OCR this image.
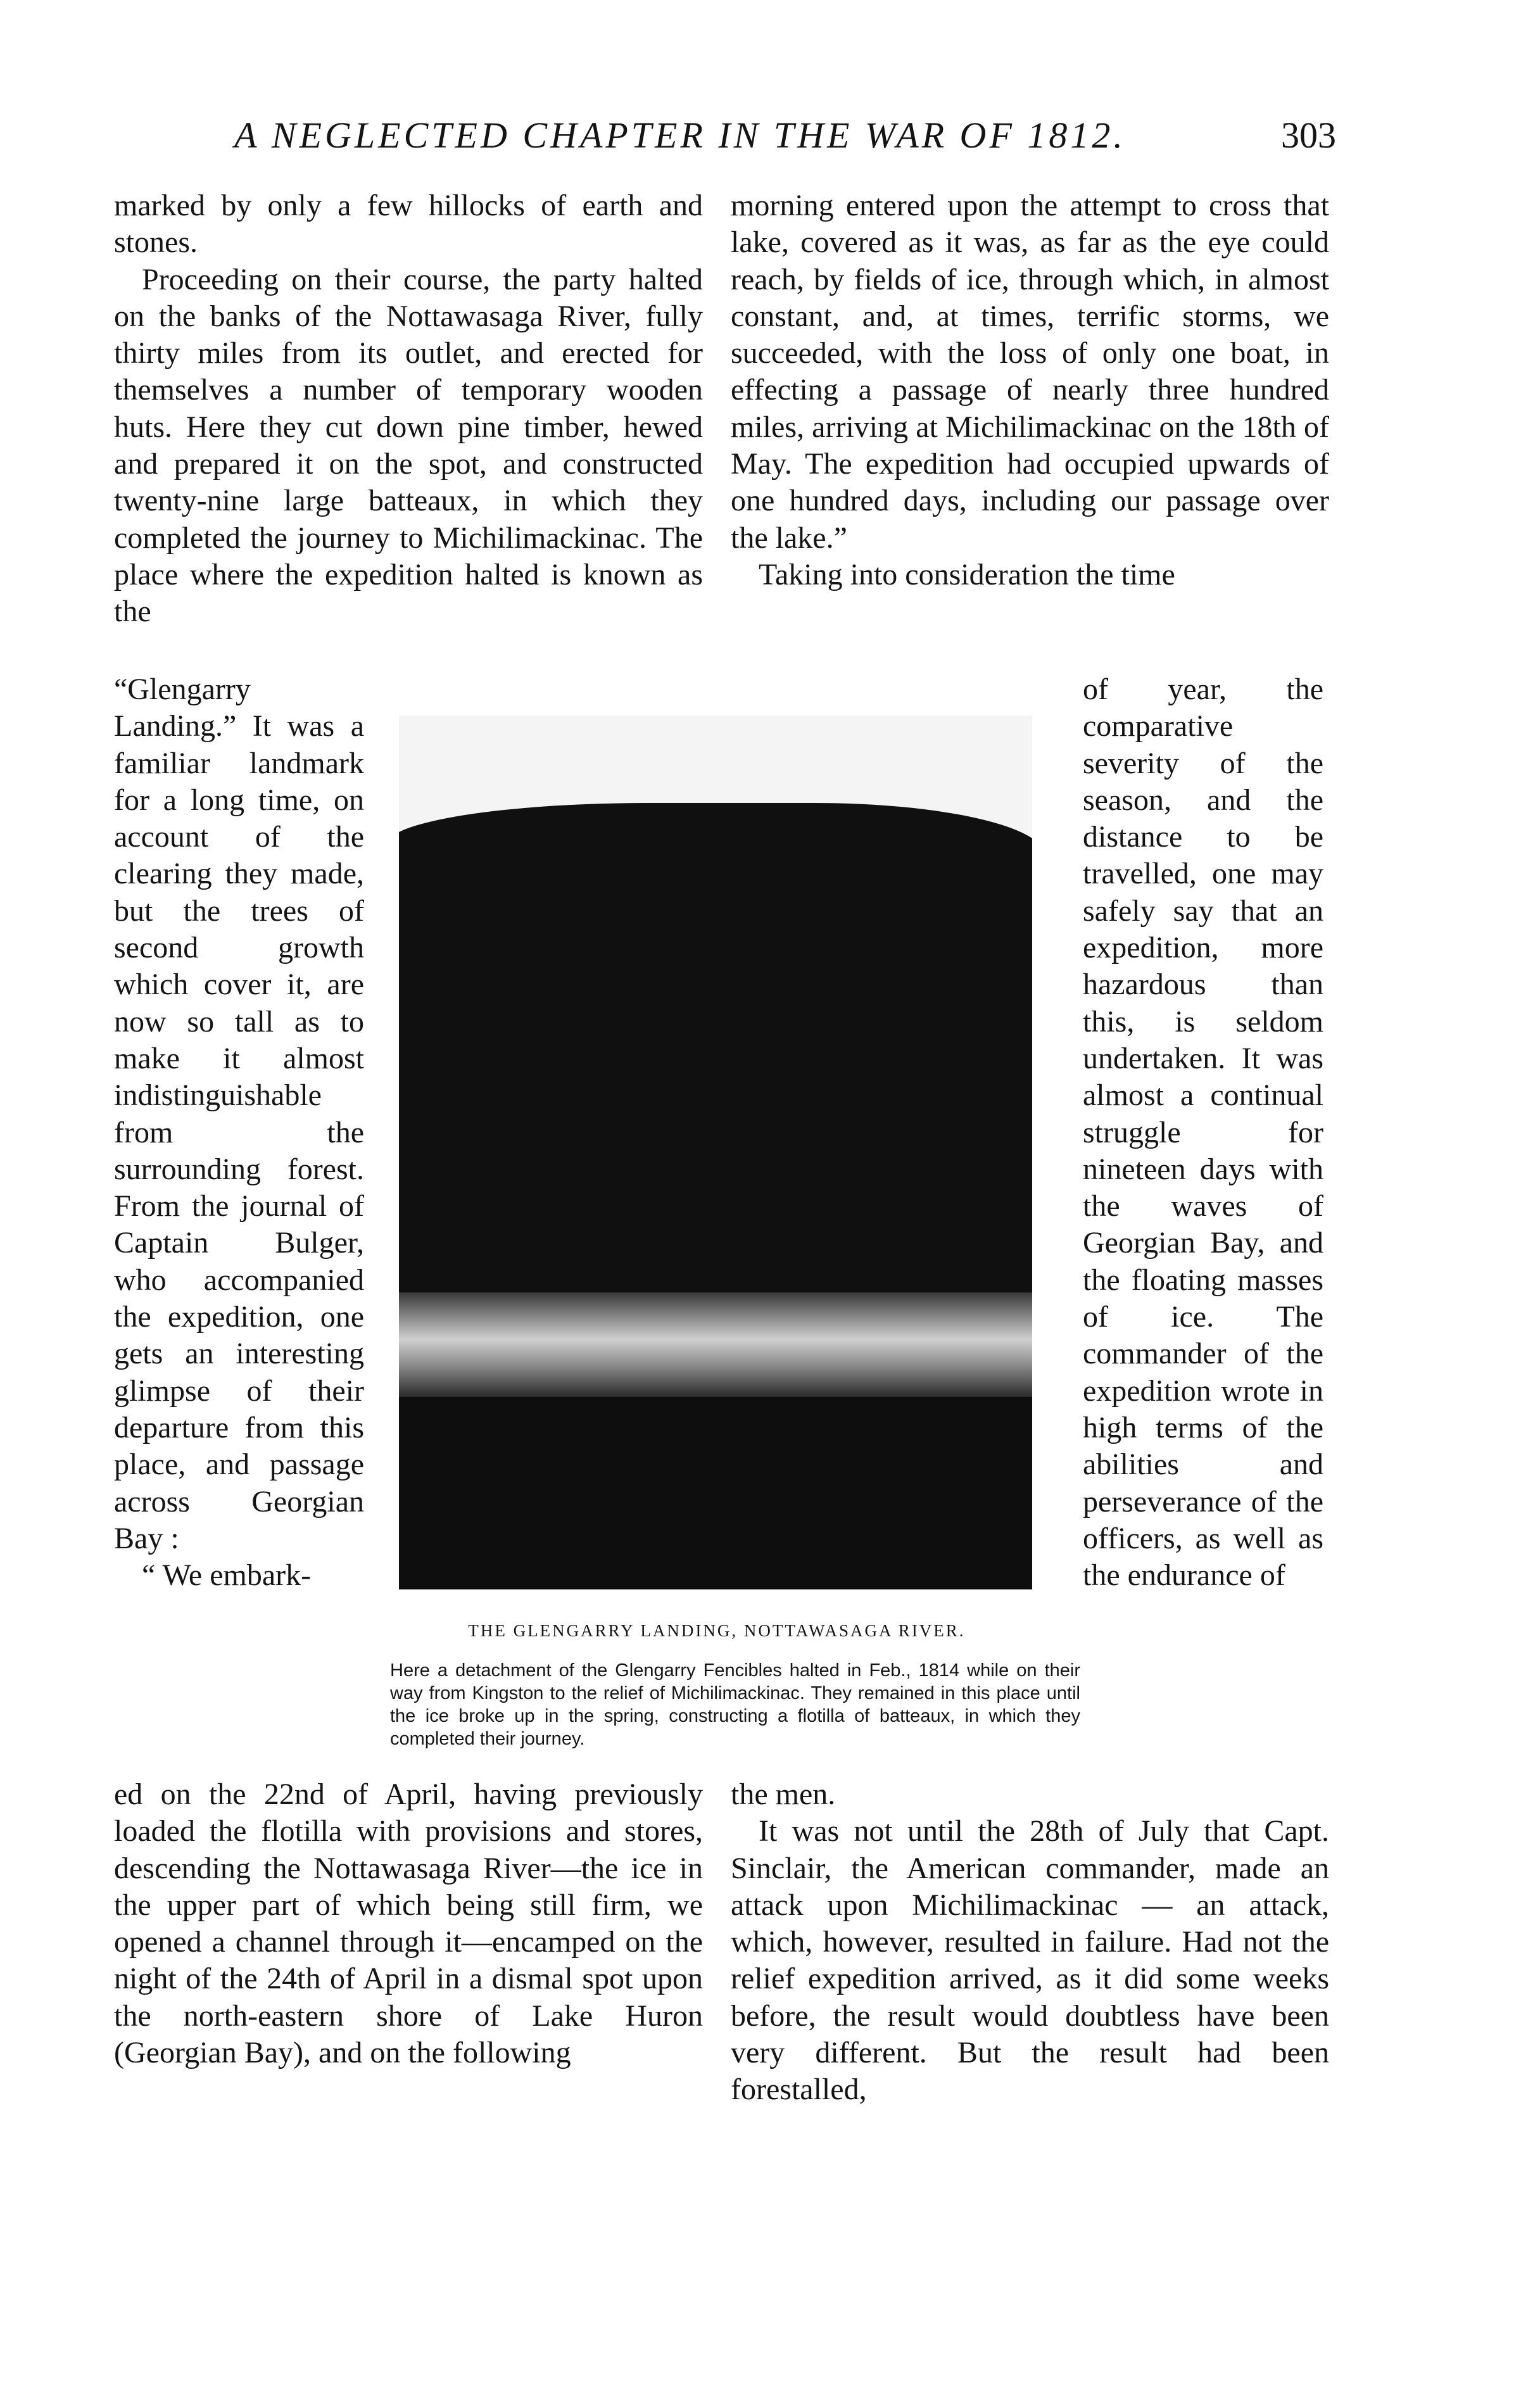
A NEGLECTED CHAPTER IN THE WAR OF 1812.	303

marked by only a few hillocks of earth and stones.

Proceeding on their course, the party halted on the banks of the Nottawasaga River, fully thirty miles from its outlet, and erected for themselves a number of temporary wooden huts. Here they cut down pine timber, hewed and prepared it on the spot, and constructed twenty-nine large batteaux, in which they completed the journey to Michilimackinac. The place where the expedition halted is known as the

morning entered upon the attempt to cross that lake, covered as it was, as far as the eye could reach, by fields of ice, through which, in almost constant, and, at times, terrific storms, we succeeded, with the loss of only one boat, in effecting a passage of nearly three hundred miles, arriving at Michilimackinac on the 18th of May. The expedition had occupied upwards of one hundred days, including our passage over the lake.”

Taking into consideration the time

“Glengarry Landing.” It was a familiar landmark for a long time, on account of the clearing they made, but the trees of second growth which cover it, are now so tall as to make it almost indistinguishable from the surrounding forest. From the journal of Captain Bulger, who accompanied the expedition, one gets an interesting glimpse of their departure from this place, and passage across Georgian Bay :

“ We embark-

THE GLENGARRY LANDING, NOTTAWASAGA RIVER.
Here a detachment of the Glengarry Fencibles halted in Feb., 1814 while on their way from Kingston to the relief of Michilimackinac. They remained in this place until the ice broke up in the spring, constructing a flotilla of batteaux, in which they completed their journey.

of year, the comparative severity of the season, and the distance to be travelled, one may safely say that an expedition, more hazardous than this, is seldom undertaken. It was almost a continual struggle for nineteen days with the waves of Georgian Bay, and the floating masses of ice. The commander of the expedition wrote in high terms of the abilities and perseverance of the officers, as well as the endurance of

ed on the 22nd of April, having previously loaded the flotilla with provisions and stores, descending the Nottawasaga River—the ice in the upper part of which being still firm, we opened a channel through it—encamped on the night of the 24th of April in a dismal spot upon the north-eastern shore of Lake Huron (Georgian Bay), and on the following

the men.

It was not until the 28th of July that Capt. Sinclair, the American commander, made an attack upon Michilimackinac — an attack, which, however, resulted in failure. Had not the relief expedition arrived, as it did some weeks before, the result would doubtless have been very different. But the result had been forestalled,
